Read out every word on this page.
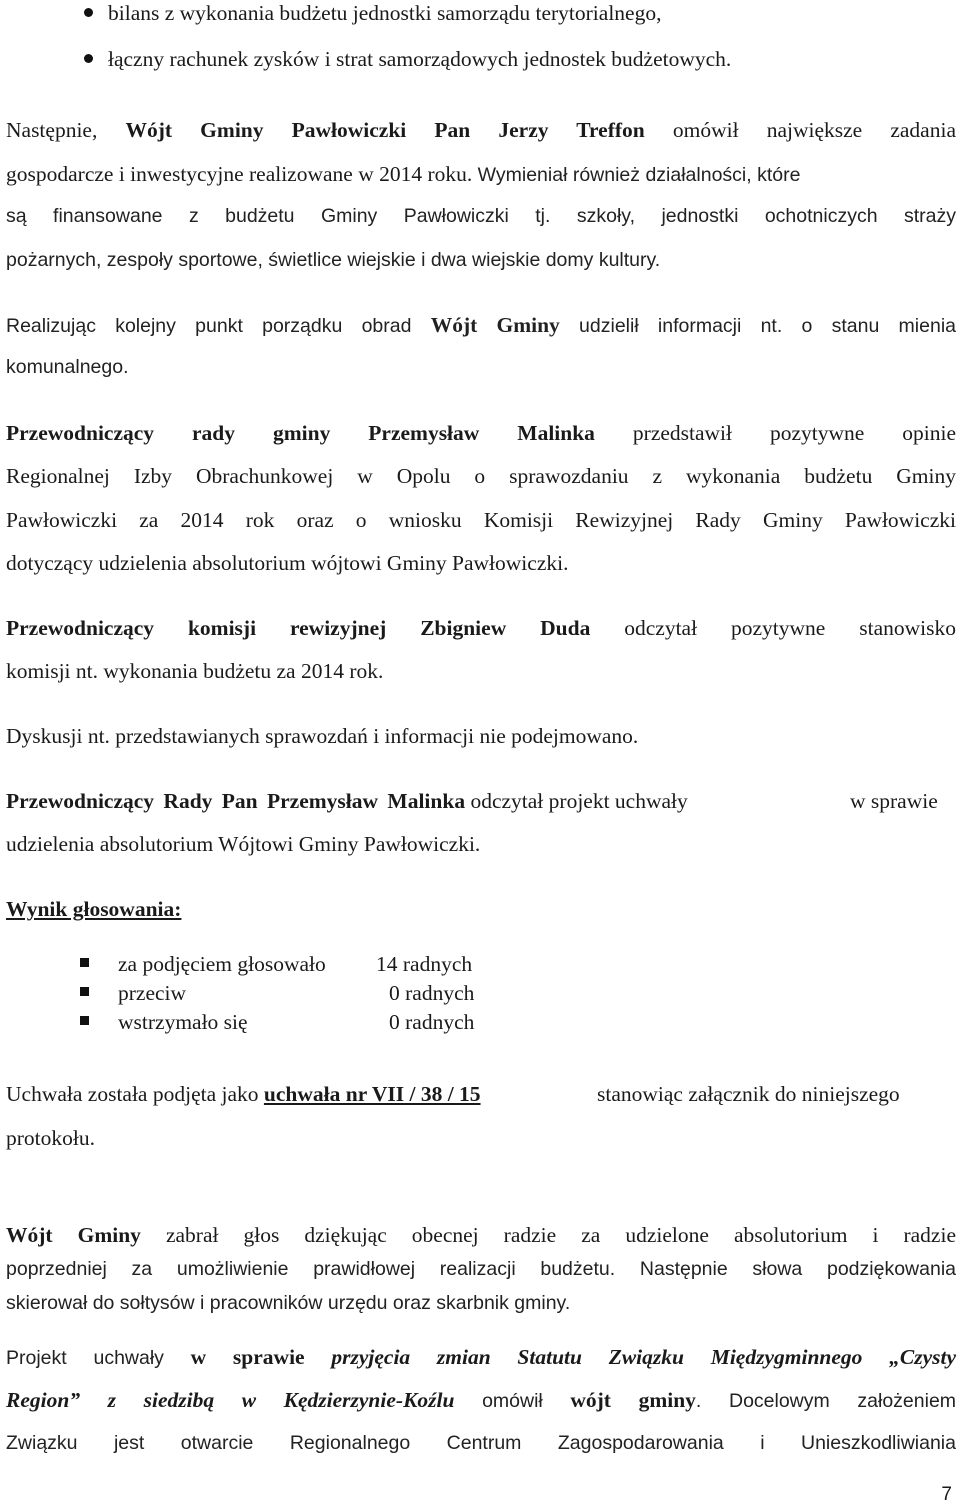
bilans z wykonania budżetu jednostki samorządu terytorialnego,
łączny rachunek zysków i strat samorządowych jednostek budżetowych.
Następnie, Wójt Gminy Pawłowiczki Pan Jerzy Treffon omówił największe zadania
gospodarcze i inwestycyjne realizowane w 2014 roku. Wymieniał również działalności, które
są finansowane z budżetu Gminy Pawłowiczki tj. szkoły, jednostki ochotniczych straży
pożarnych, zespoły sportowe, świetlice wiejskie i dwa wiejskie domy kultury.
Realizując kolejny punkt porządku obrad Wójt Gminy udzielił informacji nt. o stanu mienia
komunalnego.
Przewodniczący rady gminy Przemysław Malinka przedstawił pozytywne opinie
Regionalnej Izby Obrachunkowej w Opolu o sprawozdaniu z wykonania budżetu Gminy
Pawłowiczki za 2014 rok oraz o wniosku Komisji Rewizyjnej Rady Gminy Pawłowiczki
dotyczący udzielenia absolutorium wójtowi Gminy Pawłowiczki.
Przewodniczący komisji rewizyjnej Zbigniew Duda odczytał pozytywne stanowisko
komisji nt. wykonania budżetu za 2014 rok.
Dyskusji nt. przedstawianych sprawozdań i informacji nie podejmowano.
Przewodniczący Rady Pan Przemysław Malinka odczytał projekt uchwały	w sprawie
udzielenia absolutorium Wójtowi Gminy Pawłowiczki.
Wynik głosowania:
za podjęciem głosowało 14 radnych
przeciw	0 radnych
wstrzymało się	0 radnych
Uchwała została podjęta jako uchwała nr VII / 38 / 15	stanowiąc załącznik do niniejszego
protokołu.
Wójt Gminy zabrał głos dziękując obecnej radzie za udzielone absolutorium i radzie
poprzedniej za umożliwienie prawidłowej realizacji budżetu. Następnie słowa podziękowania
skierował do sołtysów i pracowników urzędu oraz skarbnik gminy.
Projekt uchwały w sprawie przyjęcia zmian Statutu Związku Międzygminnego „Czysty
Region” z siedzibą w Kędzierzynie-Koźlu omówił wójt gminy. Docelowym założeniem
Związku jest otwarcie Regionalnego Centrum Zagospodarowania i Unieszkodliwiania
7
